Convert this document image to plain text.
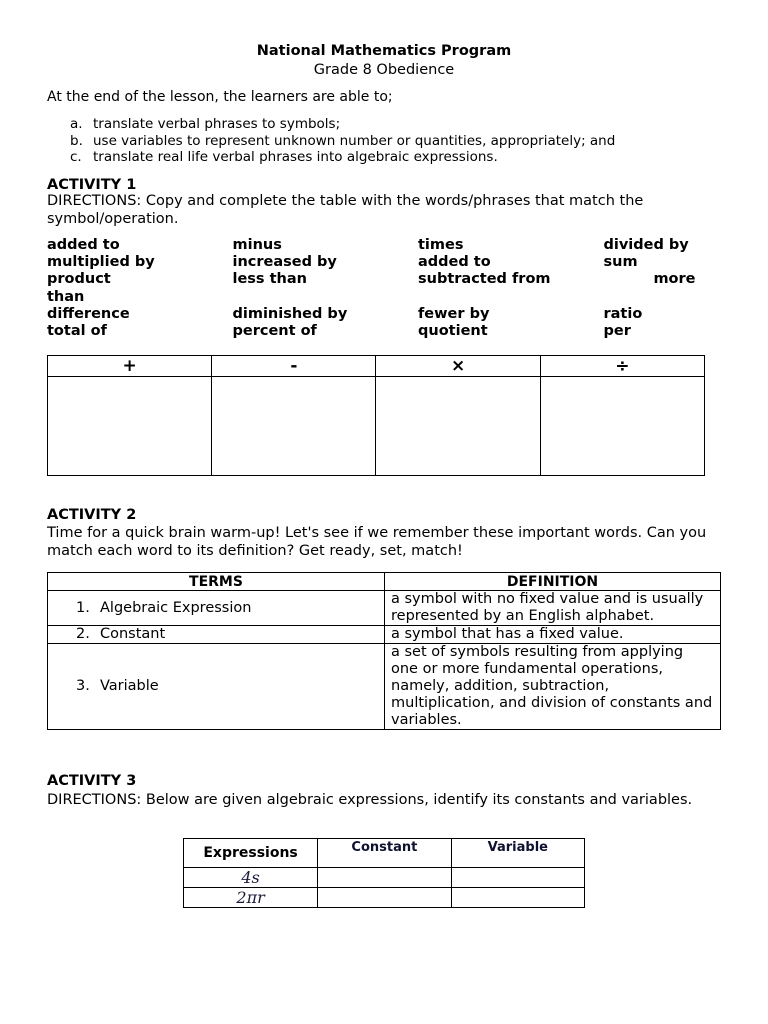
National Mathematics Program
Grade 8 Obedience
At the end of the lesson, the learners are able to;
a. translate verbal phrases to symbols;
b. use variables to represent unknown number or quantities, appropriately; and
c. translate real life verbal phrases into algebraic expressions.
ACTIVITY 1
DIRECTIONS: Copy and complete the table with the words/phrases that match the symbol/operation.
added to	minus	times	divided by
multiplied by	increased by	added to	sum
product	less than	subtracted from	more
than
difference	diminished by	fewer by	ratio
total of	percent of	quotient	per
+	-	×	÷

ACTIVITY 2
Time for a quick brain warm-up! Let's see if we remember these important words. Can you match each word to its definition? Get ready, set, match!
TERMS	DEFINITION
1. Algebraic Expression	a symbol with no fixed value and is usually represented by an English alphabet.
2. Constant	a symbol that has a fixed value.
3. Variable	a set of symbols resulting from applying one or more fundamental operations, namely, addition, subtraction, multiplication, and division of constants and variables.
ACTIVITY 3
DIRECTIONS: Below are given algebraic expressions, identify its constants and variables.
Expressions	Constant	Variable
4s		
2πr		
